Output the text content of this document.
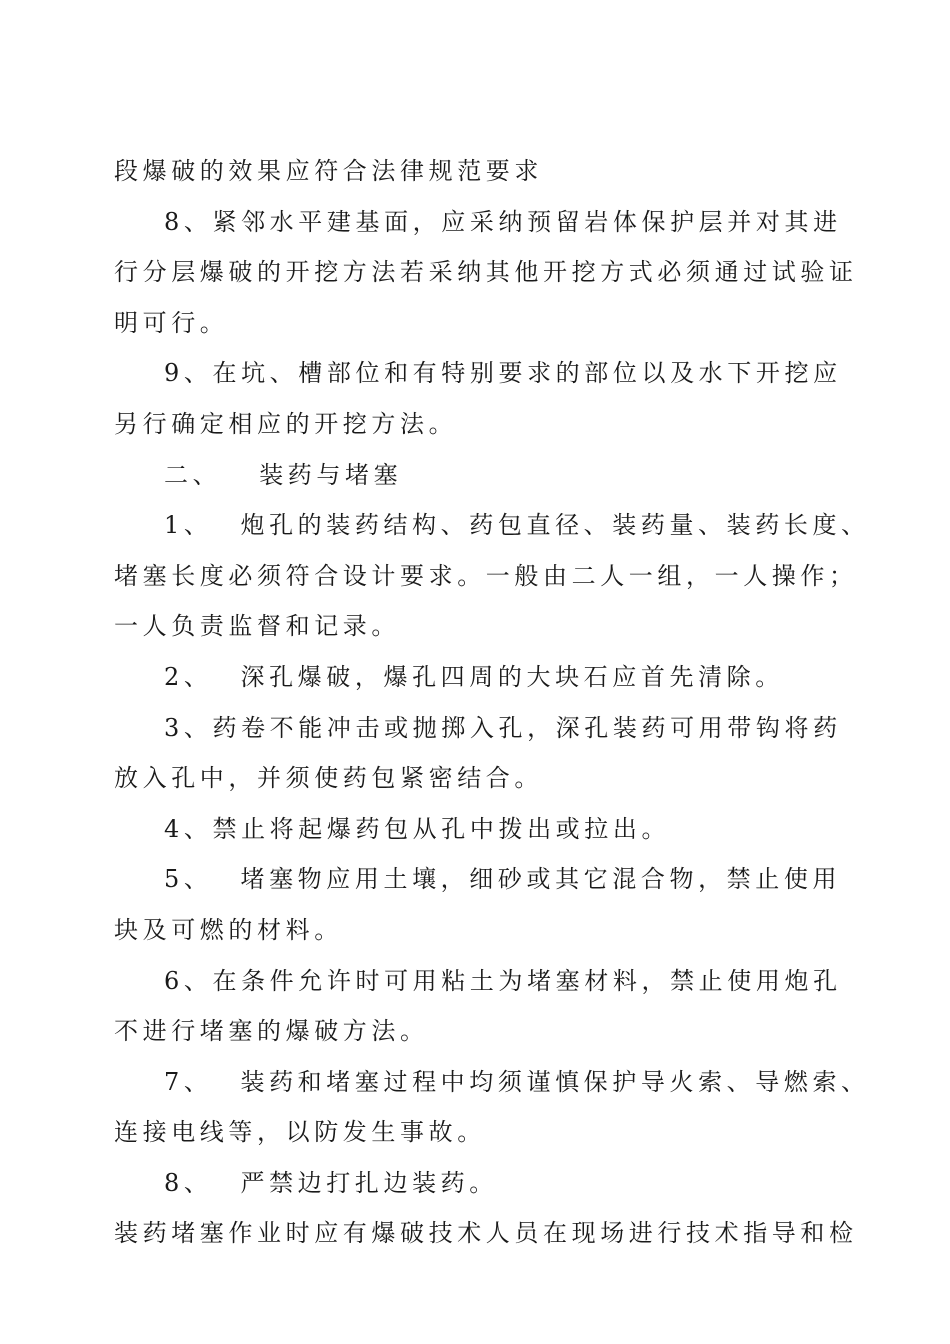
段爆破的效果应符合法律规范要求
8、紧邻水平建基面，应采纳预留岩体保护层并对其进
行分层爆破的开挖方法若采纳其他开挖方式必须通过试验证
明可行。
9、在坑、槽部位和有特别要求的部位以及水下开挖应
另行确定相应的开挖方法。
二、 装药与堵塞
1、 炮孔的装药结构、药包直径、装药量、装药长度、
堵塞长度必须符合设计要求。一般由二人一组，一人操作；
一人负责监督和记录。
2、 深孔爆破，爆孔四周的大块石应首先清除。
3、药卷不能冲击或抛掷入孔，深孔装药可用带钩将药
放入孔中，并须使药包紧密结合。
4、禁止将起爆药包从孔中拨出或拉出。
5、 堵塞物应用土壤，细砂或其它混合物，禁止使用
块及可燃的材料。
6、在条件允许时可用粘土为堵塞材料，禁止使用炮孔
不进行堵塞的爆破方法。
7、 装药和堵塞过程中均须谨慎保护导火索、导燃索、
连接电线等，以防发生事故。
8、 严禁边打扎边装药。
装药堵塞作业时应有爆破技术人员在现场进行技术指导和检
